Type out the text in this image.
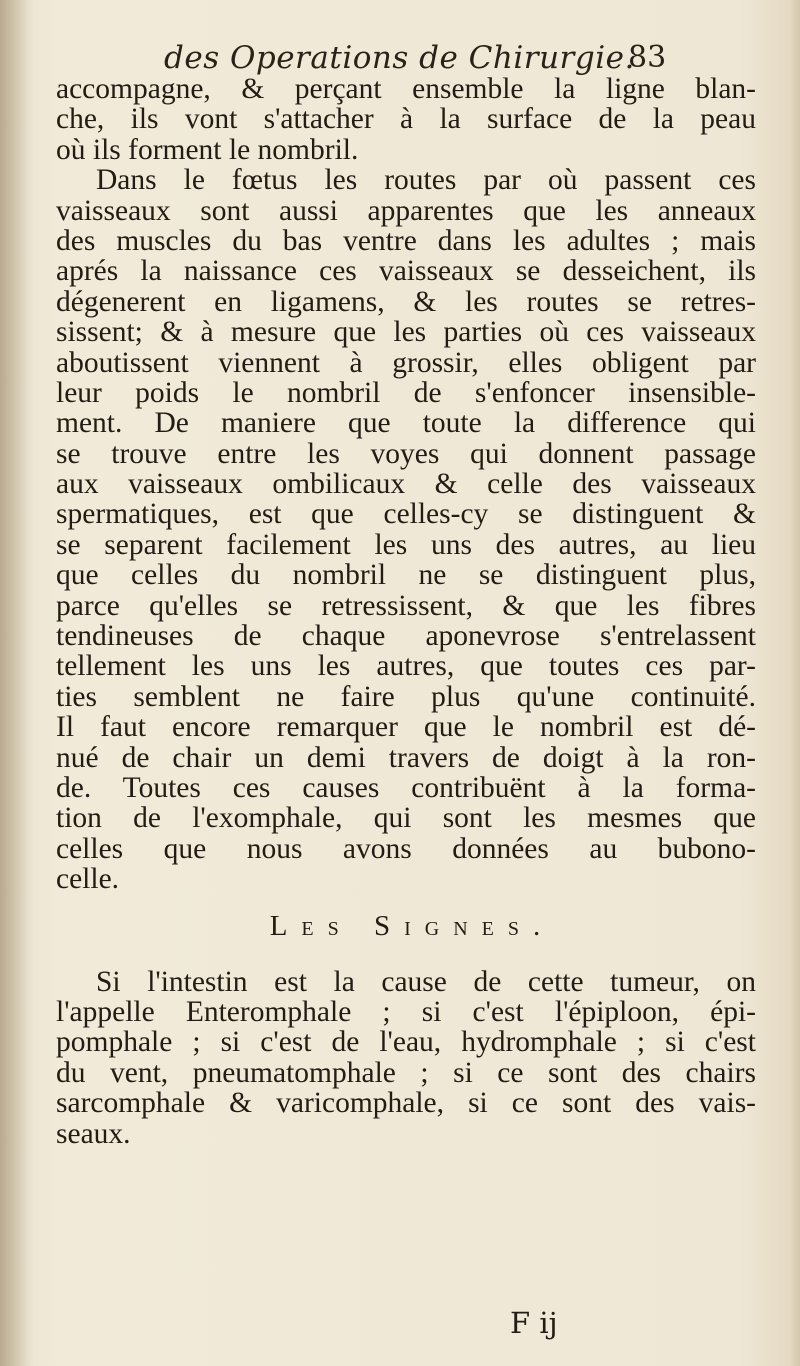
des Operations de Chirurgie.
83
accompagne, & perçant ensemble la ligne blan-
che, ils vont s'attacher à la surface de la peau
où ils forment le nombril.
Dans le fœtus les routes par où passent ces
vaisseaux sont aussi apparentes que les anneaux
des muscles du bas ventre dans les adultes ; mais
aprés la naissance ces vaisseaux se desseichent, ils
dégenerent en ligamens, & les routes se retres-
sissent; & à mesure que les parties où ces vaisseaux
aboutissent viennent à grossir, elles obligent par
leur poids le nombril de s'enfoncer insensible-
ment. De maniere que toute la difference qui
se trouve entre les voyes qui donnent passage
aux vaisseaux ombilicaux & celle des vaisseaux
spermatiques, est que celles-cy se distinguent &
se separent facilement les uns des autres, au lieu
que celles du nombril ne se distinguent plus,
parce qu'elles se retressissent, & que les fibres
tendineuses de chaque aponevrose s'entrelassent
tellement les uns les autres, que toutes ces par-
ties semblent ne faire plus qu'une continuité.
Il faut encore remarquer que le nombril est dé-
nué de chair un demi travers de doigt à la ron-
de. Toutes ces causes contribuënt à la forma-
tion de l'exomphale, qui sont les mesmes que
celles que nous avons données au bubono-
celle.
Les Signes.
Si l'intestin est la cause de cette tumeur, on
l'appelle Enteromphale ; si c'est l'épiploon, épi-
pomphale ; si c'est de l'eau, hydromphale ; si c'est
du vent, pneumatomphale ; si ce sont des chairs
sarcomphale & varicomphale, si ce sont des vais-
seaux.
F ij
